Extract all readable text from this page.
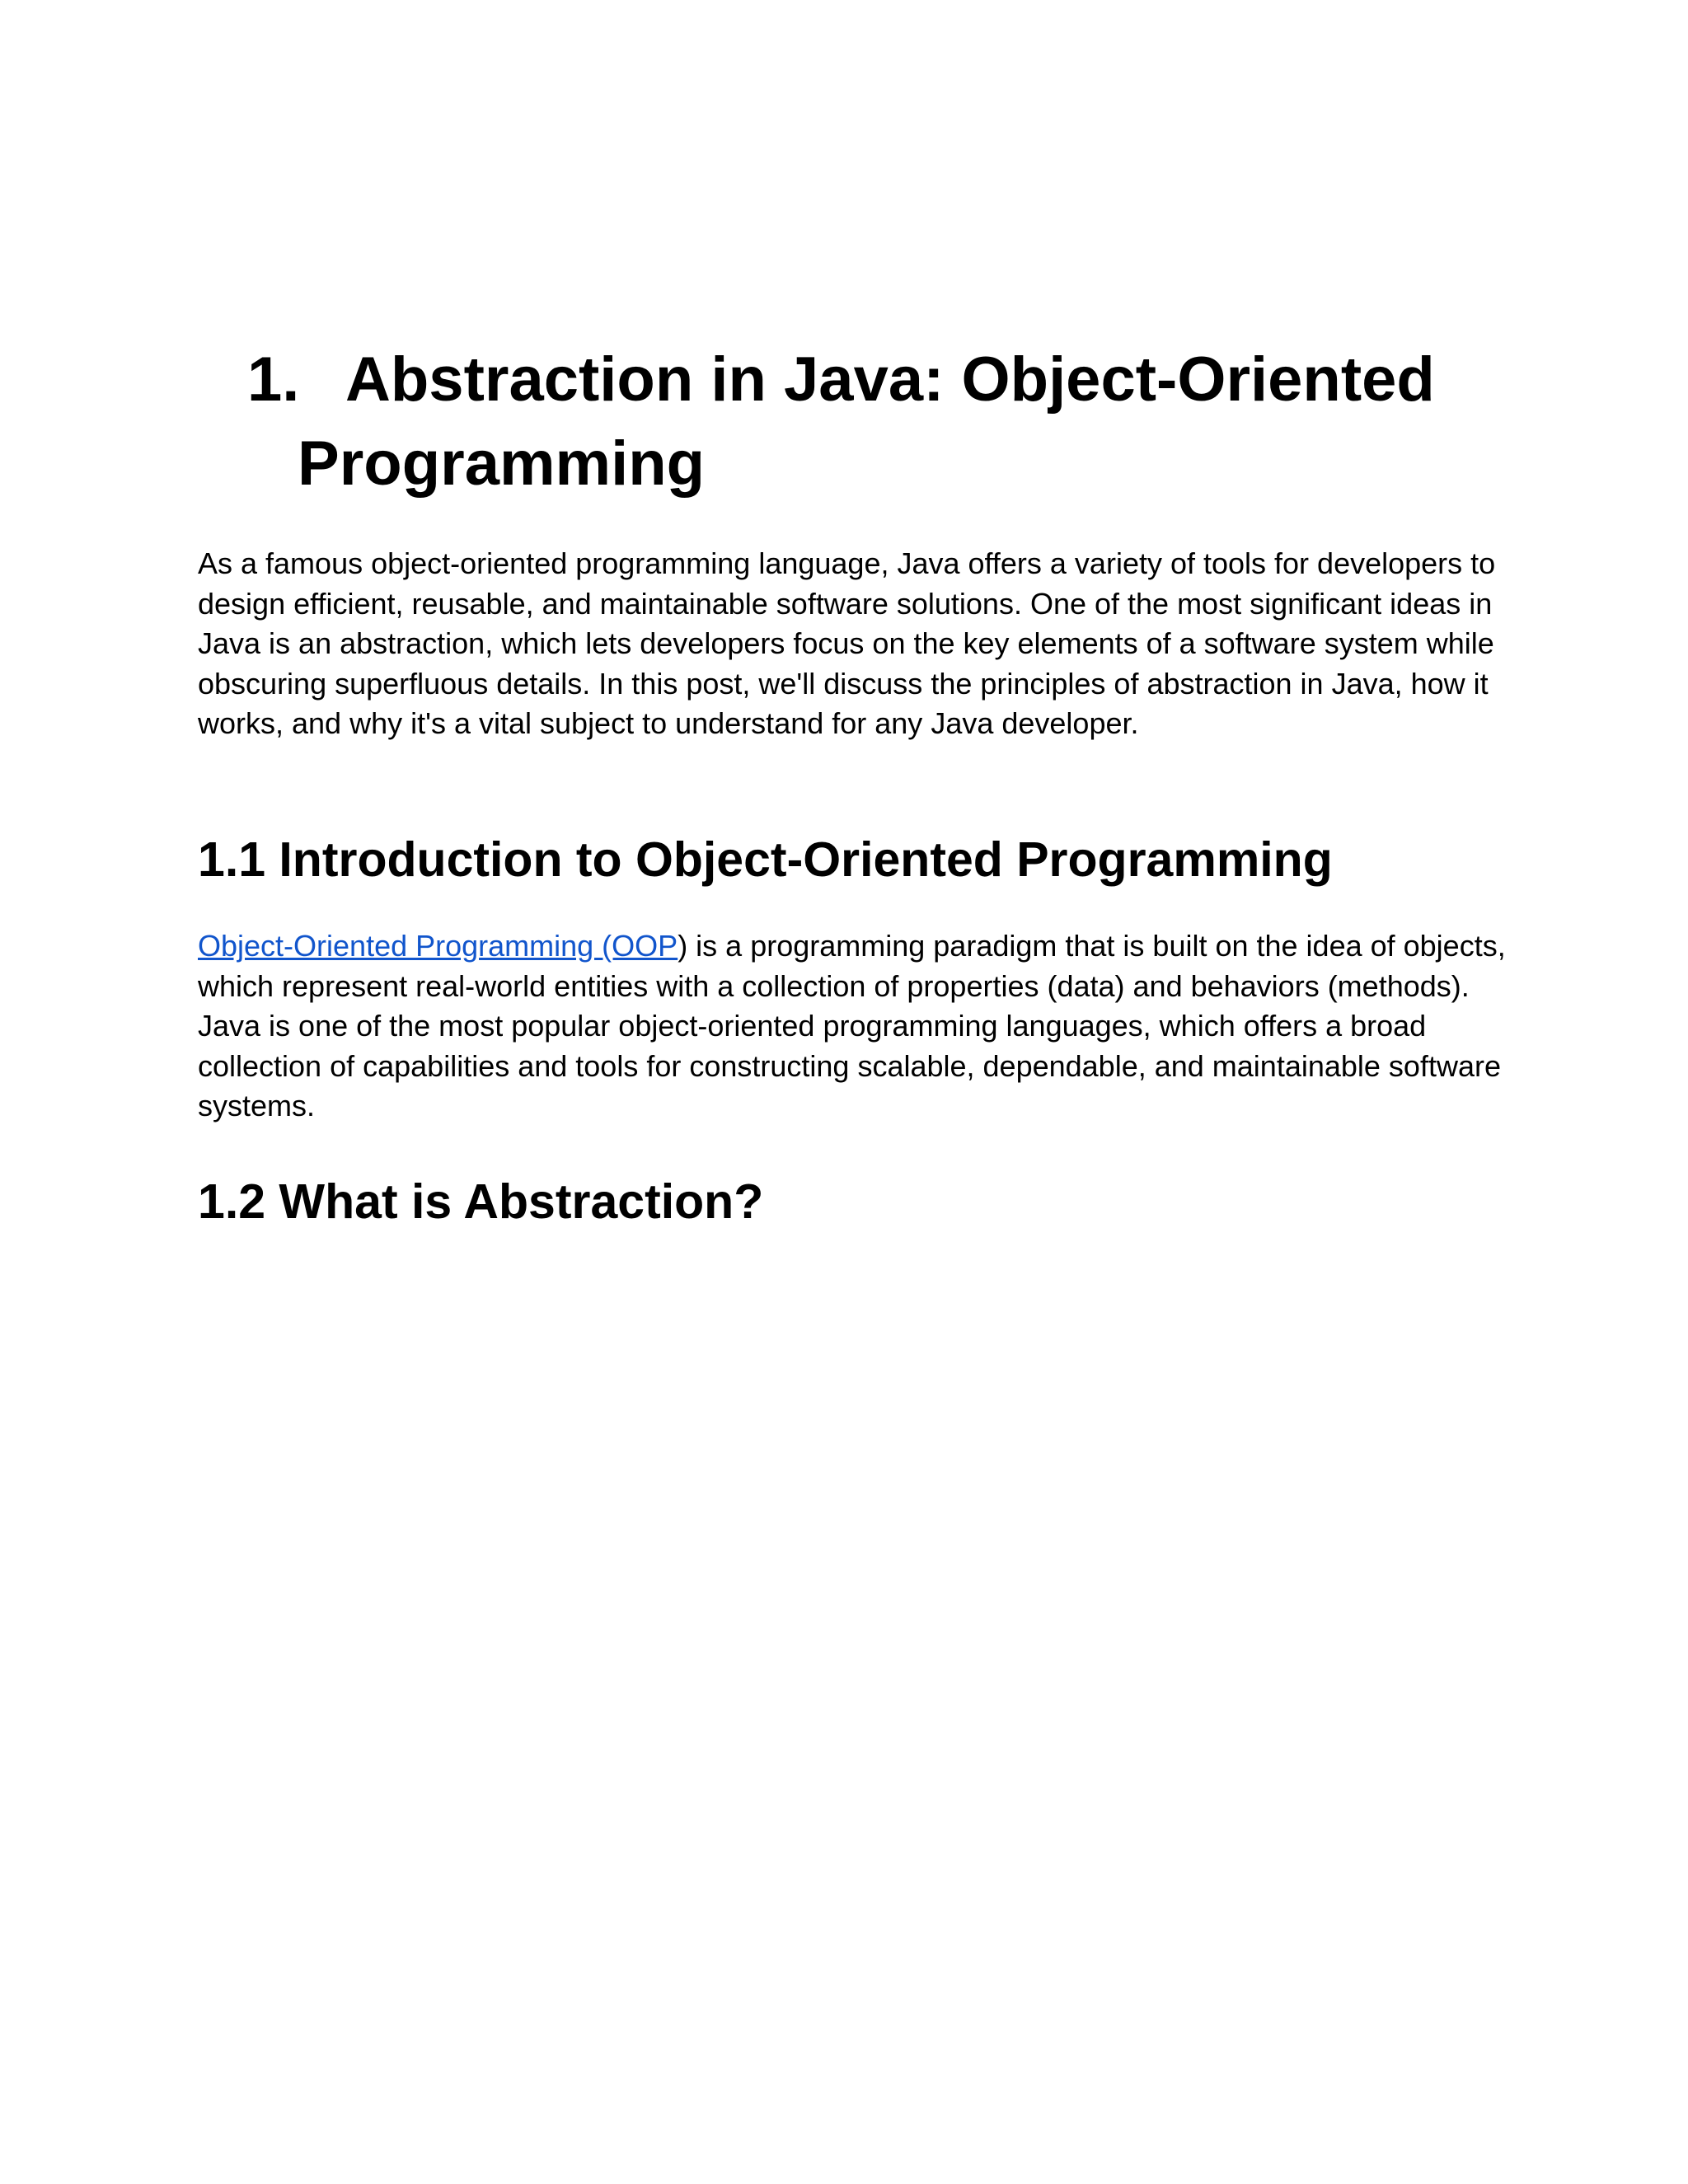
1. Abstraction in Java: Object-Oriented
Programming

As a famous object-oriented programming language, Java offers a variety of tools for developers to design efficient, reusable, and maintainable software solutions. One of the most significant ideas in Java is an abstraction, which lets developers focus on the key elements of a software system while obscuring superfluous details. In this post, we'll discuss the principles of abstraction in Java, how it works, and why it's a vital subject to understand for any Java developer.

1.1 Introduction to Object-Oriented Programming

Object-Oriented Programming (OOP) is a programming paradigm that is built on the idea of objects, which represent real-world entities with a collection of properties (data) and behaviors (methods). Java is one of the most popular object-oriented programming languages, which offers a broad collection of capabilities and tools for constructing scalable, dependable, and maintainable software systems.

1.2 What is Abstraction?
